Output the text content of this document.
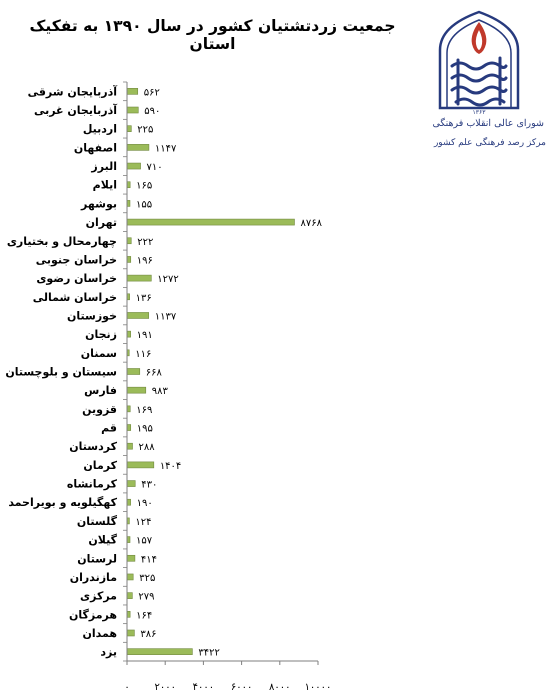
جمعیت زردتشتیان کشور در سال ۱۳۹۰ به تفکیک استان
۱۳۶۳
شورای عالی انقلاب فرهنگی
مرکز رصد فرهنگی علم کشور
آذربایجان شرقی	۵۶۲
آذربایجان غربی	۵۹۰
اردبیل ۲۲۵
اصفهان	۱۱۴۷
البرز	۷۱۰
ایلام ۱۶۵
بوشهر ۱۵۵
تهران	۸۷۶۸
چهارمحال و بختیاری ۲۲۲
خراسان جنوبی ۱۹۶
خراسان رضوی	۱۲۷۲
خراسان شمالی ۱۳۶
خوزستان	۱۱۳۷
زنجان ۱۹۱
سمنان ۱۱۶
سیستان و بلوچستان	۶۶۸
فارس	۹۸۳
قزوین ۱۶۹
قم ۱۹۵
کردستان ۲۸۸
کرمان	۱۴۰۴
کرمانشاه ۴۳۰
کهگیلویه و بویراحمد ۱۹۰
گلستان ۱۲۴
گیلان ۱۵۷
لرستان ۴۱۴
مازندران ۳۲۵
مرکزی ۲۷۹
هرمزگان ۱۶۴
همدان ۳۸۶
یزد	۳۴۲۲
۰ ۲۰۰۰ ۴۰۰۰ ۶۰۰۰ ۸۰۰۰ ۱۰۰۰۰
